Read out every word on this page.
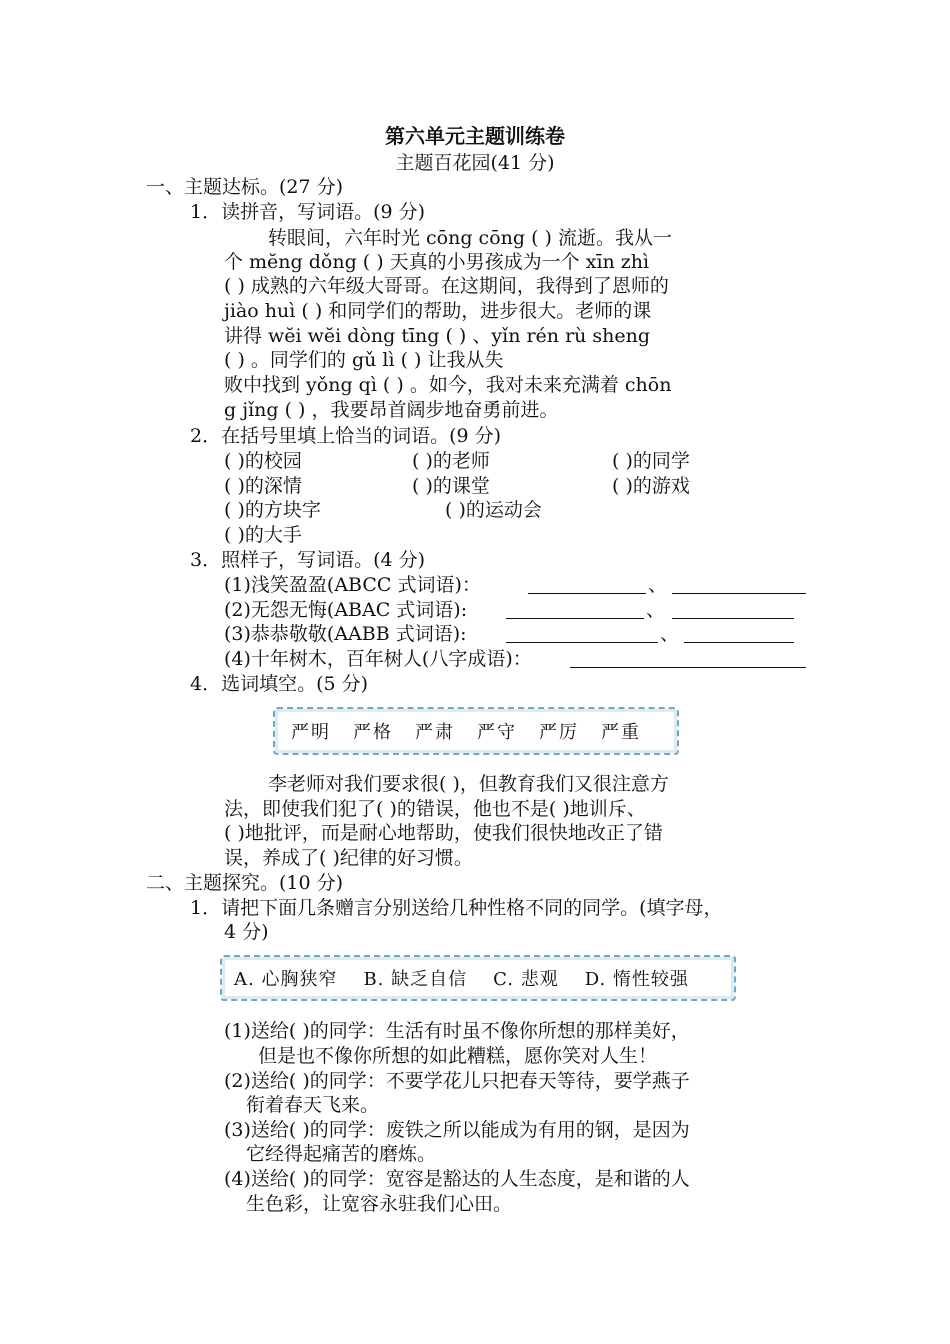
第六单元主题训练卷
主题百花园(41 分)
一、主题达标。(27 分)
1．读拼音，写词语。(9 分)
转眼间，六年时光 cōng cōng ( ) 流逝。我从一
个 mĕng dǒng ( ) 天真的小男孩成为一个 xīn zhì
( ) 成熟的六年级大哥哥。在这期间，我得到了恩师的
jiào huì ( ) 和同学们的帮助，进步很大。老师的课
讲得 wĕi wĕi dòng tīng ( ) 、yǐn rén rù sheng
( ) 。同学们的 gǔ lì ( ) 让我从失
败中找到 yǒng qì ( ) 。如今，我对未来充满着 chōn
g jǐng ( ) ，我要昂首阔步地奋勇前进。
2．在括号里填上恰当的词语。(9 分)
( )的校园	( )的老师	( )的同学
( )的深情	( )的课堂	( )的游戏
( )的方块字	( )的运动会
( )的大手
3．照样子，写词语。(4 分)
(1)浅笑盈盈(ABCC 式词语)：	、
(2)无怨无悔(ABAC 式词语):	、
(3)恭恭敬敬(AABB 式词语):	、
(4)十年树木，百年树人(八字成语)：
4．选词填空。(5 分)
严明 严格 严肃 严守 严厉 严重
李老师对我们要求很( )，但教育我们又很注意方
法，即使我们犯了( )的错误，他也不是( )地训斥、
( )地批评，而是耐心地帮助，使我们很快地改正了错
误，养成了( )纪律的好习惯。
二、主题探究。(10 分)
1．请把下面几条赠言分别送给几种性格不同的同学。(填字母，
4 分)
A. 心胸狭窄 B. 缺乏自信 C. 悲观 D. 惰性较强
(1)送给( )的同学：生活有时虽不像你所想的那样美好，
但是也不像你所想的如此糟糕，愿你笑对人生！
(2)送给( )的同学：不要学花儿只把春天等待，要学燕子
衔着春天飞来。
(3)送给( )的同学：废铁之所以能成为有用的钢，是因为
它经得起痛苦的磨炼。
(4)送给( )的同学：宽容是豁达的人生态度，是和谐的人
生色彩，让宽容永驻我们心田。
